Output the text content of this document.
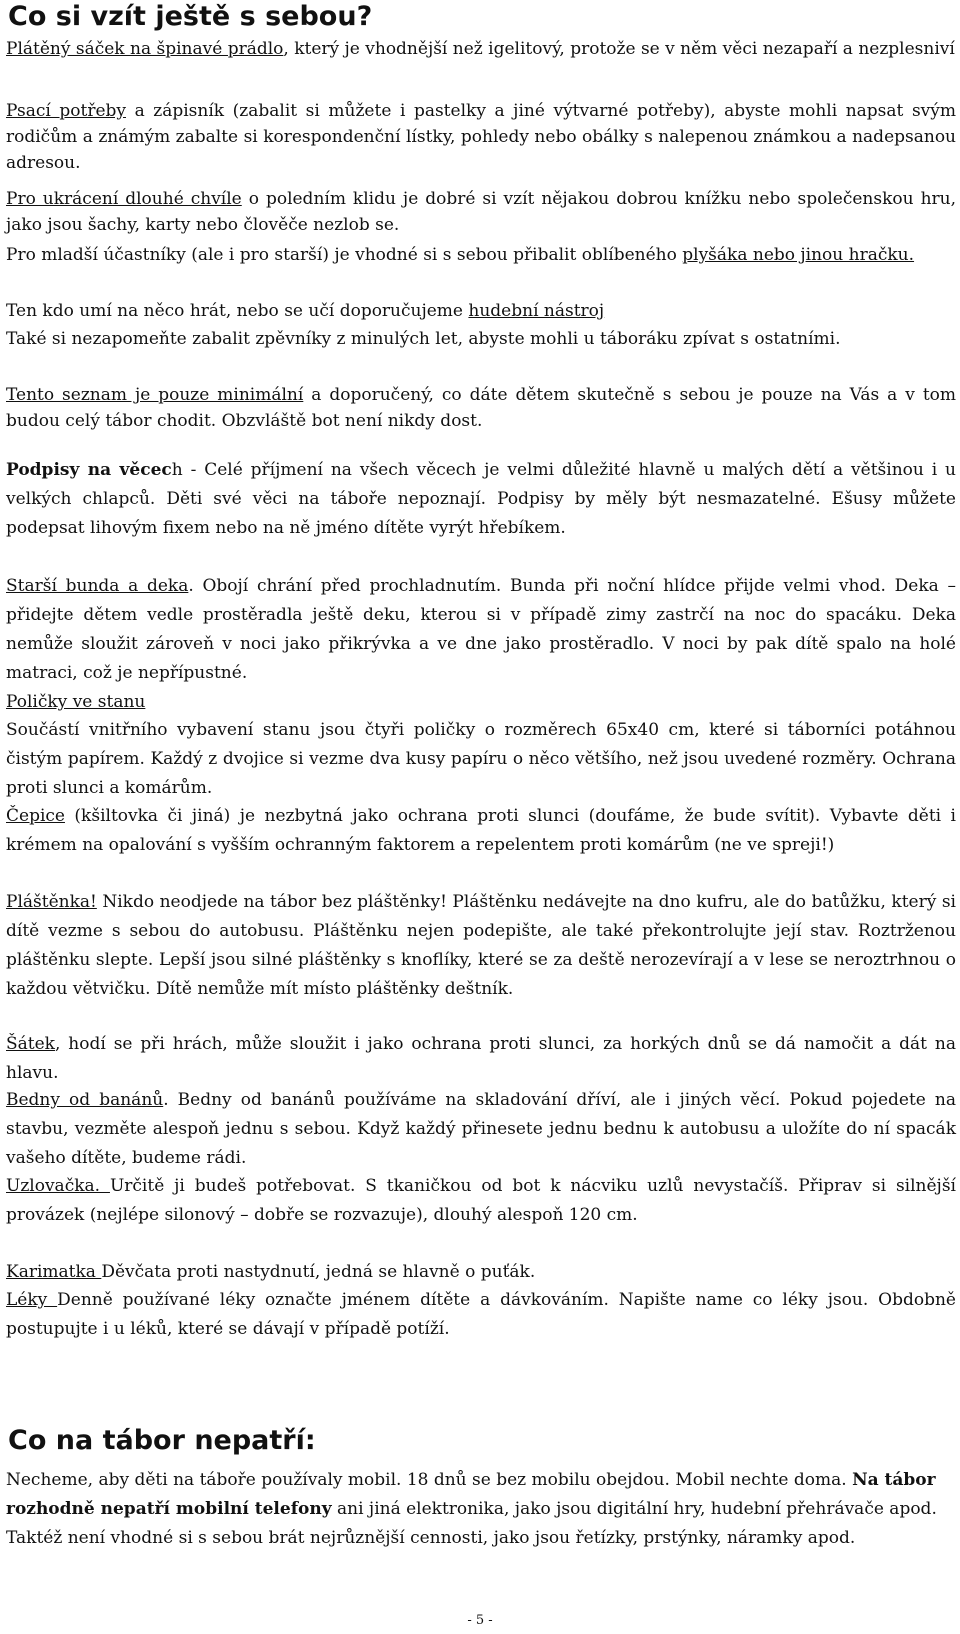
Co si vzít ještě s sebou?

Plátěný sáček na špinavé prádlo, který je vhodnější než igelitový, protože se v něm věci nezapaří a nezplesniví

Psací potřeby a zápisník (zabalit si můžete i pastelky a jiné výtvarné potřeby), abyste mohli napsat svým rodičům a známým zabalte si korespondenční lístky, pohledy nebo obálky s nalepenou známkou a nadepsanou adresou.

Pro ukrácení dlouhé chvíle o poledním klidu je dobré si vzít nějakou dobrou knížku nebo společenskou hru, jako jsou šachy, karty nebo člověče nezlob se.

Pro mladší účastníky (ale i pro starší) je vhodné si s sebou přibalit oblíbeného plyšáka nebo jinou hračku.

Ten kdo umí na něco hrát, nebo se učí doporučujeme hudební nástroj

Také si nezapomeňte zabalit zpěvníky z minulých let, abyste mohli u táboráku zpívat s ostatními.

Tento seznam je pouze minimální a doporučený, co dáte dětem skutečně s sebou je pouze na Vás a v tom budou celý tábor chodit. Obzvláště bot není nikdy dost.

Podpisy na věcech - Celé příjmení na všech věcech je velmi důležité hlavně u malých dětí a většinou i u velkých chlapců. Děti své věci na táboře nepoznají. Podpisy by měly být nesmazatelné. Ešusy můžete podepsat lihovým fixem nebo na ně jméno dítěte vyrýt hřebíkem.

Starší bunda a deka. Obojí chrání před prochladnutím. Bunda při noční hlídce přijde velmi vhod. Deka – přidejte dětem vedle prostěradla ještě deku, kterou si v případě zimy zastrčí na noc do spacáku. Deka nemůže sloužit zároveň v noci jako přikrývka a ve dne jako prostěradlo. V noci by pak dítě spalo na holé matraci, což je nepřípustné.

Poličky ve stanu

Součástí vnitřního vybavení stanu jsou čtyři poličky o rozměrech 65x40 cm, které si táborníci potáhnou čistým papírem. Každý z dvojice si vezme dva kusy papíru o něco většího, než jsou uvedené rozměry. Ochrana proti slunci a komárům.

Čepice (kšiltovka či jiná) je nezbytná jako ochrana proti slunci (doufáme, že bude svítit). Vybavte děti i krémem na opalování s vyšším ochranným faktorem a repelentem proti komárům (ne ve spreji!)

Pláštěnka! Nikdo neodjede na tábor bez pláštěnky! Pláštěnku nedávejte na dno kufru, ale do batůžku, který si dítě vezme s sebou do autobusu. Pláštěnku nejen podepište, ale také překontrolujte její stav. Roztrženou pláštěnku slepte. Lepší jsou silné pláštěnky s knoflíky, které se za deště nerozevírají a v lese se neroztrhnou o každou větvičku. Dítě nemůže mít místo pláštěnky deštník.

Šátek, hodí se při hrách, může sloužit i jako ochrana proti slunci, za horkých dnů se dá namočit a dát na hlavu.

Bedny od banánů. Bedny od banánů používáme na skladování dříví, ale i jiných věcí. Pokud pojedete na stavbu, vezměte alespoň jednu s sebou. Když každý přinesete jednu bednu k autobusu a uložíte do ní spacák vašeho dítěte, budeme rádi.

Uzlovačka. Určitě ji budeš potřebovat. S tkaničkou od bot k nácviku uzlů nevystačíš. Připrav si silnější provázek (nejlépe silonový – dobře se rozvazuje), dlouhý alespoň 120 cm.

Karimatka Děvčata proti nastydnutí, jedná se hlavně o puťák.

Léky Denně používané léky označte jménem dítěte a dávkováním. Napište name co léky jsou. Obdobně postupujte i u léků, které se dávají v případě potíží.

Co na tábor nepatří:

Necheme, aby děti na táboře používaly mobil. 18 dnů se bez mobilu obejdou. Mobil nechte doma. Na tábor rozhodně nepatří mobilní telefony ani jiná elektronika, jako jsou digitální hry, hudební přehrávače apod. Taktéž není vhodné si s sebou brát nejrůznější cennosti, jako jsou řetízky, prstýnky, náramky apod.

- 5 -
